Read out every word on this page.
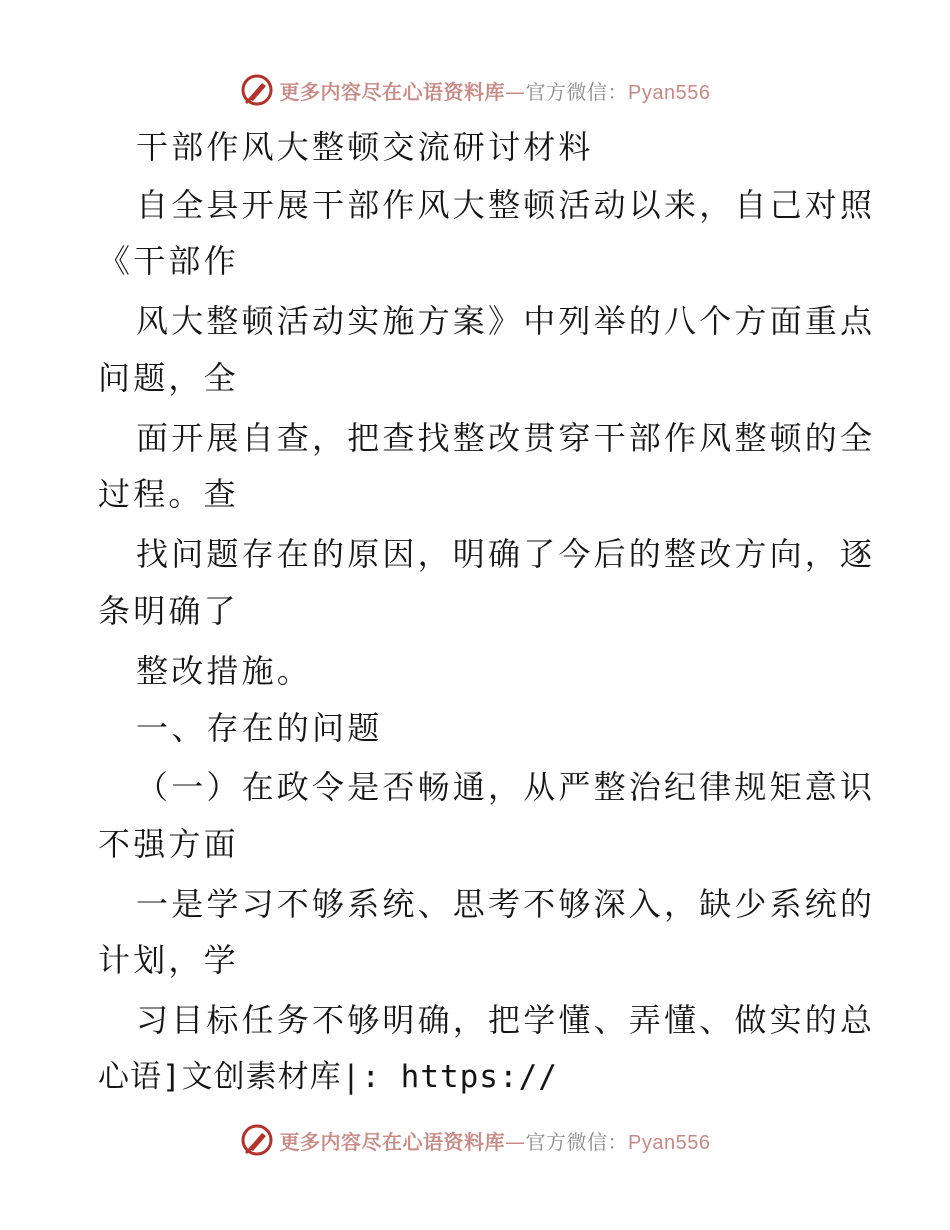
更多内容尽在心语资料库—官方微信：Pyan556
干部作风大整顿交流研讨材料
自全县开展干部作风大整顿活动以来，自己对照
《干部作
风大整顿活动实施方案》中列举的八个方面重点
问题，全
面开展自查，把查找整改贯穿干部作风整顿的全
过程。查
找问题存在的原因，明确了今后的整改方向，逐
条明确了
整改措施。
一、存在的问题
（一）在政令是否畅通，从严整治纪律规矩意识
不强方面
一是学习不够系统、思考不够深入，缺少系统的
计划，学
习目标任务不够明确，把学懂、弄懂、做实的总
心语]文创素材库|: https://
更多内容尽在心语资料库—官方微信：Pyan556
